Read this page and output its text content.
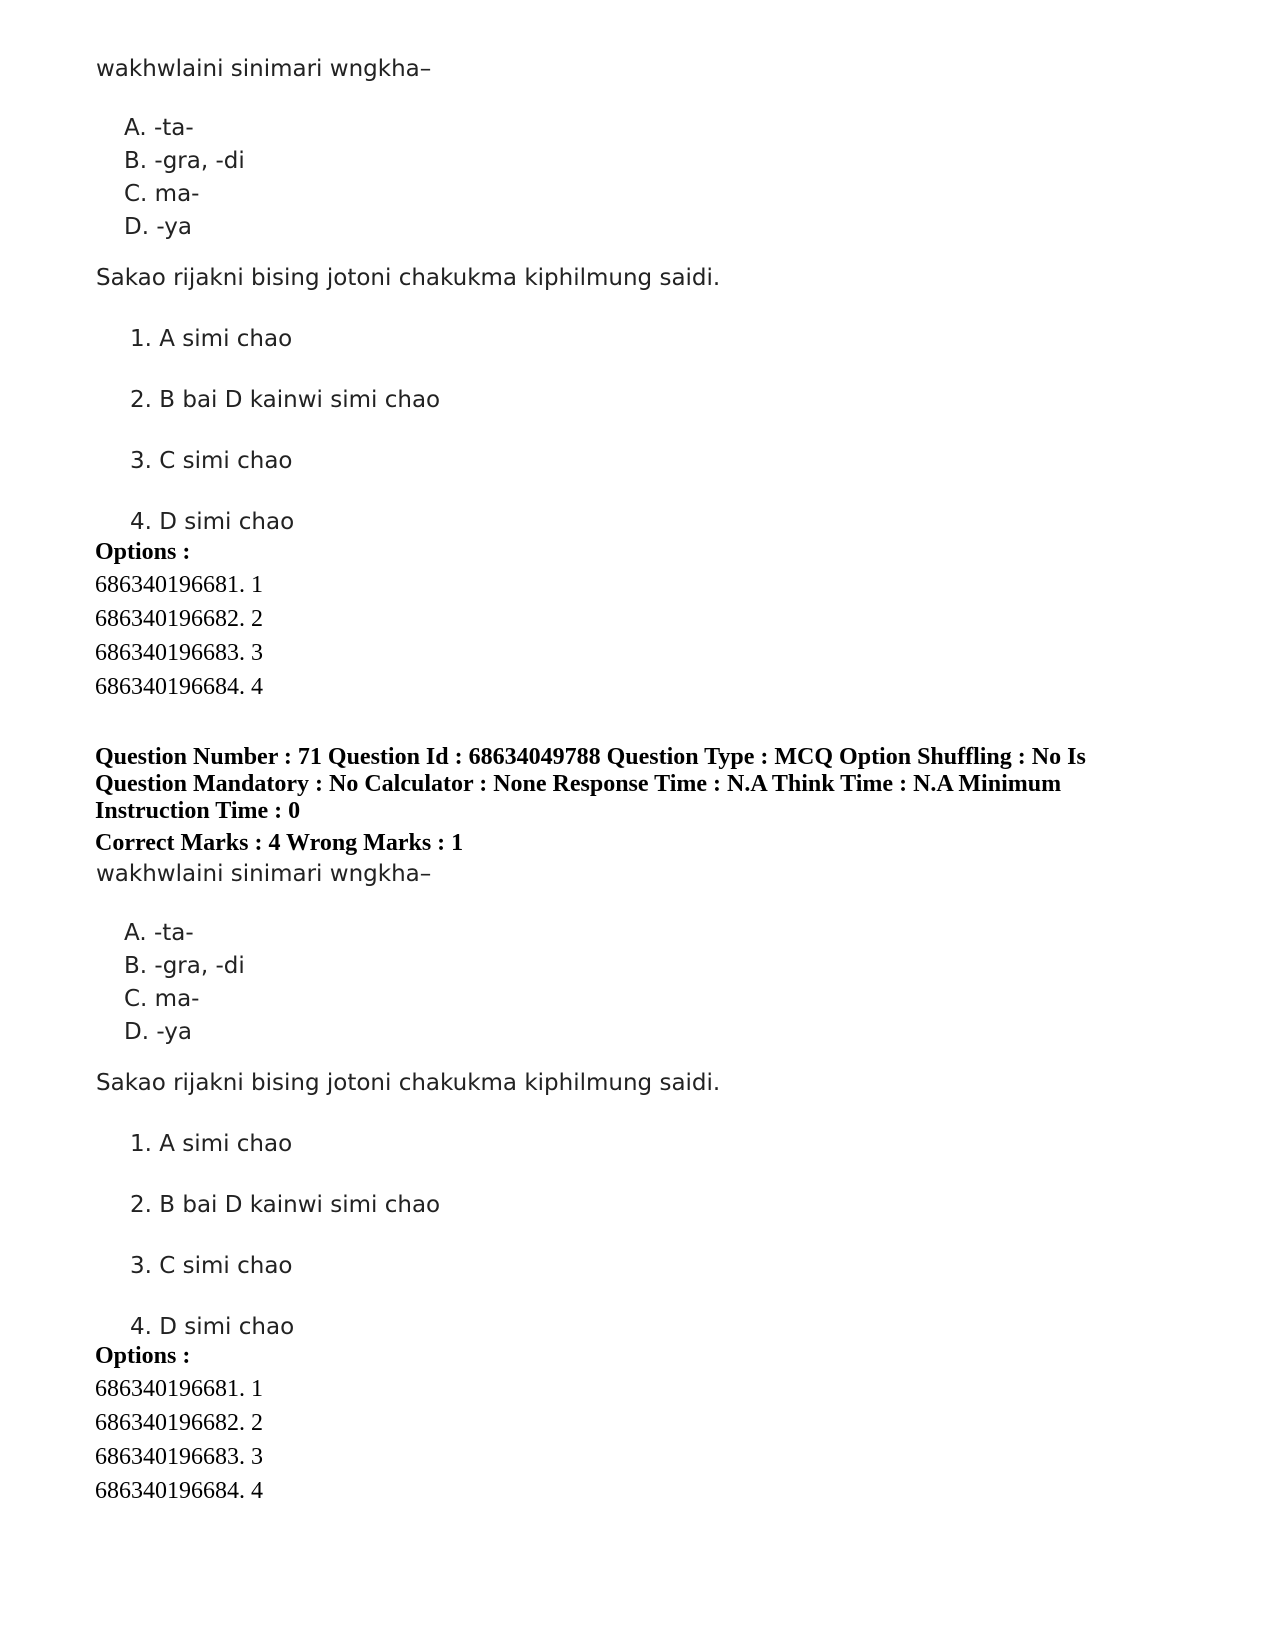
wakhwlaini sinimari wngkha–
A. -ta-
B. -gra, -di
C. ma-
D. -ya
Sakao rijakni bising jotoni chakukma kiphilmung saidi.
1. A simi chao
2. B bai D kainwi simi chao
3. C simi chao
4. D simi chao
Options :
686340196681. 1
686340196682. 2
686340196683. 3
686340196684. 4
Question Number : 71 Question Id : 68634049788 Question Type : MCQ Option Shuffling : No Is
Question Mandatory : No Calculator : None Response Time : N.A Think Time : N.A Minimum
Instruction Time : 0
Correct Marks : 4 Wrong Marks : 1
wakhwlaini sinimari wngkha–
A. -ta-
B. -gra, -di
C. ma-
D. -ya
Sakao rijakni bising jotoni chakukma kiphilmung saidi.
1. A simi chao
2. B bai D kainwi simi chao
3. C simi chao
4. D simi chao
Options :
686340196681. 1
686340196682. 2
686340196683. 3
686340196684. 4
